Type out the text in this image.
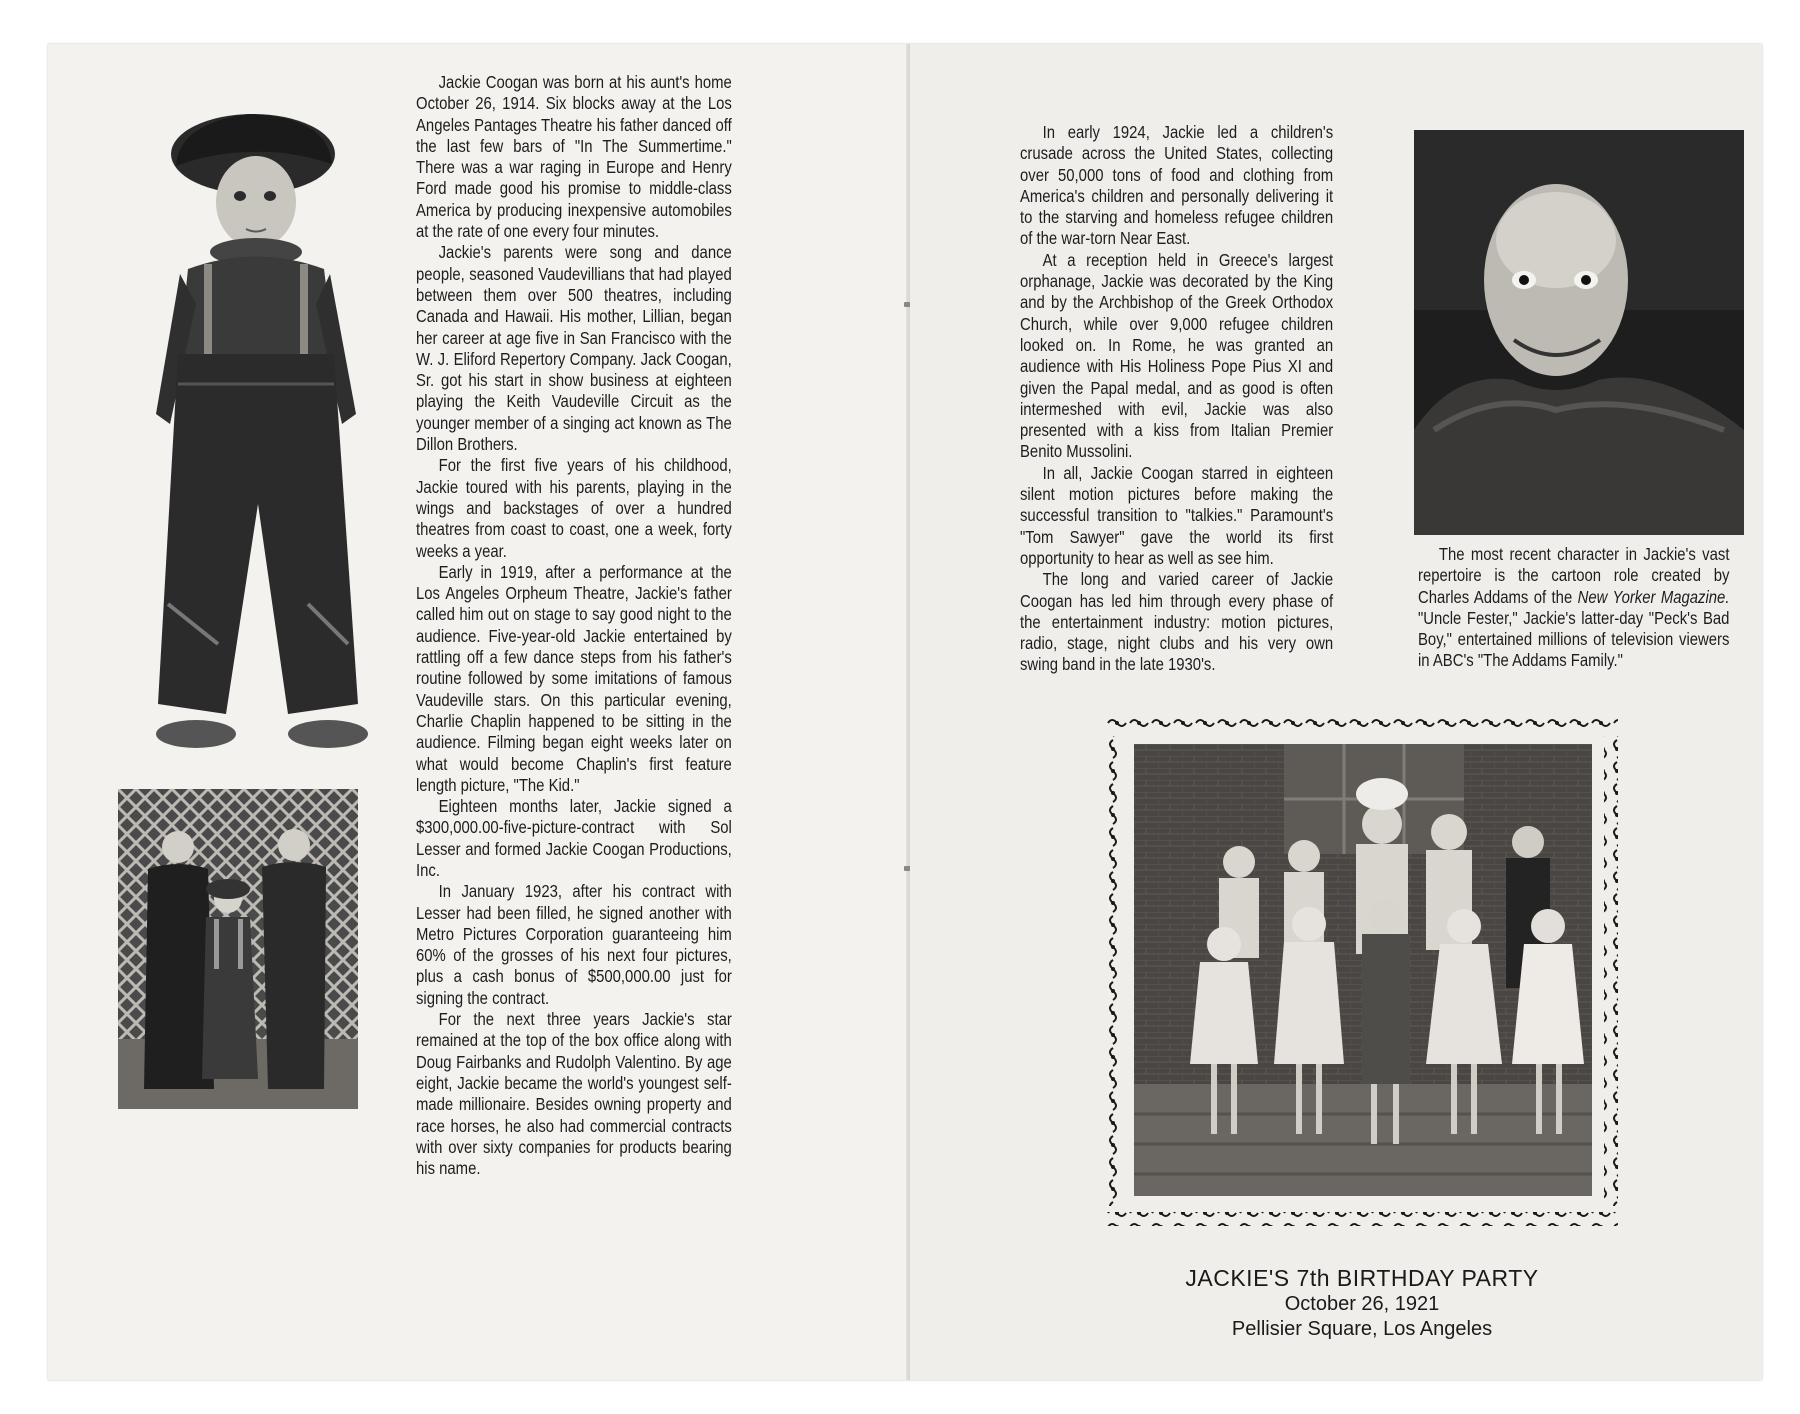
Jackie Coogan was born at his aunt's home October 26, 1914. Six blocks away at the Los Angeles Pantages Theatre his father danced off the last few bars of "In The Summertime." There was a war raging in Europe and Henry Ford made good his promise to middle-class America by producing inexpensive automobiles at the rate of one every four minutes.

Jackie's parents were song and dance people, seasoned Vaudevillians that had played between them over 500 theatres, including Canada and Hawaii. His mother, Lillian, began her career at age five in San Francisco with the W. J. Eliford Repertory Company. Jack Coogan, Sr. got his start in show business at eighteen playing the Keith Vaudeville Circuit as the younger member of a singing act known as The Dillon Brothers.

For the first five years of his childhood, Jackie toured with his parents, playing in the wings and backstages of over a hundred theatres from coast to coast, one a week, forty weeks a year.

Early in 1919, after a performance at the Los Angeles Orpheum Theatre, Jackie's father called him out on stage to say good night to the audience. Five-year-old Jackie entertained by rattling off a few dance steps from his father's routine followed by some imitations of famous Vaudeville stars. On this particular evening, Charlie Chaplin happened to be sitting in the audience. Filming began eight weeks later on what would become Chaplin's first feature length picture, "The Kid."

Eighteen months later, Jackie signed a $300,000.00-five-picture-contract with Sol Lesser and formed Jackie Coogan Productions, Inc.

In January 1923, after his contract with Lesser had been filled, he signed another with Metro Pictures Corporation guaranteeing him 60% of the grosses of his next four pictures, plus a cash bonus of $500,000.00 just for signing the contract.

For the next three years Jackie's star remained at the top of the box office along with Doug Fairbanks and Rudolph Valentino. By age eight, Jackie became the world's youngest self-made millionaire. Besides owning property and race horses, he also had commercial contracts with over sixty companies for products bearing his name.

In early 1924, Jackie led a children's crusade across the United States, collecting over 50,000 tons of food and clothing from America's children and personally delivering it to the starving and homeless refugee children of the war-torn Near East.

At a reception held in Greece's largest orphanage, Jackie was decorated by the King and by the Archbishop of the Greek Orthodox Church, while over 9,000 refugee children looked on. In Rome, he was granted an audience with His Holiness Pope Pius XI and given the Papal medal, and as good is often intermeshed with evil, Jackie was also presented with a kiss from Italian Premier Benito Mussolini.

In all, Jackie Coogan starred in eighteen silent motion pictures before making the successful transition to "talkies." Paramount's "Tom Sawyer" gave the world its first opportunity to hear as well as see him.

The long and varied career of Jackie Coogan has led him through every phase of the entertainment industry: motion pictures, radio, stage, night clubs and his very own swing band in the late 1930's.

The most recent character in Jackie's vast repertoire is the cartoon role created by Charles Addams of the New Yorker Magazine. "Uncle Fester," Jackie's latter-day "Peck's Bad Boy," entertained millions of television viewers in ABC's "The Addams Family."

JACKIE'S 7th BIRTHDAY PARTY
October 26, 1921
Pellisier Square, Los Angeles
